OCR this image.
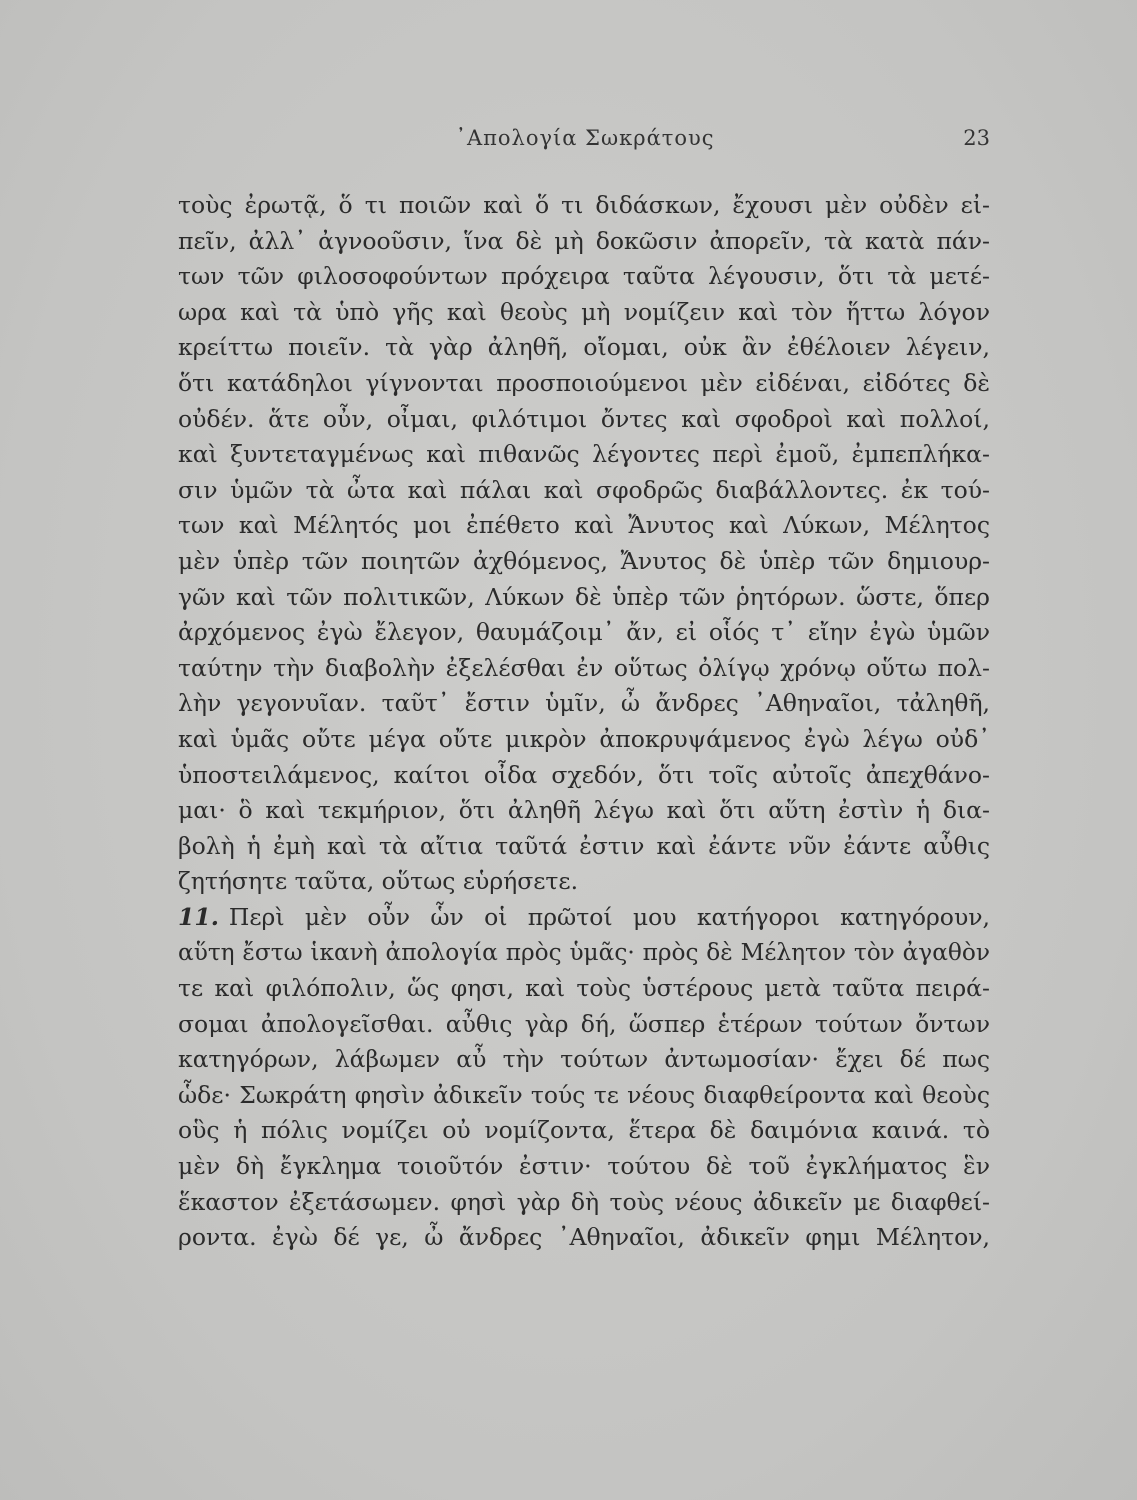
᾿Απολογία Σωκράτους	23
τοὺς ἐρωτᾷ, ὅ τι ποιῶν καὶ ὅ τι διδάσκων, ἔχουσι μὲν οὐδὲν εἰ-
πεῖν, ἀλλ᾽ ἀγνοοῦσιν, ἵνα δὲ μὴ δοκῶσιν ἀπορεῖν, τὰ κατὰ πάν-
των τῶν φιλοσοφούντων πρόχειρα ταῦτα λέγουσιν, ὅτι τὰ μετέ-
ωρα καὶ τὰ ὑπὸ γῆς καὶ θεοὺς μὴ νομίζειν καὶ τὸν ἥττω λόγον
κρείττω ποιεῖν. τὰ γὰρ ἀληθῆ, οἴομαι, οὐκ ἂν ἐθέλοιεν λέγειν,
ὅτι κατάδηλοι γίγνονται προσποιούμενοι μὲν εἰδέναι, εἰδότες δὲ
οὐδέν. ἅτε οὖν, οἶμαι, φιλότιμοι ὄντες καὶ σφοδροὶ καὶ πολλοί,
καὶ ξυντεταγμένως καὶ πιθανῶς λέγοντες περὶ ἐμοῦ, ἐμπεπλήκα-
σιν ὑμῶν τὰ ὦτα καὶ πάλαι καὶ σφοδρῶς διαβάλλοντες. ἐκ τού-
των καὶ Μέλητός μοι ἐπέθετο καὶ Ἄνυτος καὶ Λύκων, Μέλητος
μὲν ὑπὲρ τῶν ποιητῶν ἀχθόμενος, Ἄνυτος δὲ ὑπὲρ τῶν δημιουρ-
γῶν καὶ τῶν πολιτικῶν, Λύκων δὲ ὑπὲρ τῶν ῥητόρων. ὥστε, ὅπερ
ἀρχόμενος ἐγὼ ἔλεγον, θαυμάζοιμ᾽ ἄν, εἰ οἷός τ᾽ εἴην ἐγὼ ὑμῶν
ταύτην τὴν διαβολὴν ἐξελέσθαι ἐν οὕτως ὀλίγῳ χρόνῳ οὕτω πολ-
λὴν γεγονυῖαν. ταῦτ᾽ ἔστιν ὑμῖν, ὦ ἄνδρες ᾿Αθηναῖοι, τἀληθῆ,
καὶ ὑμᾶς οὔτε μέγα οὔτε μικρὸν ἀποκρυψάμενος ἐγὼ λέγω οὐδ᾽
ὑποστειλάμενος, καίτοι οἶδα σχεδόν, ὅτι τοῖς αὐτοῖς ἀπεχθάνο-
μαι· ὃ καὶ τεκμήριον, ὅτι ἀληθῆ λέγω καὶ ὅτι αὕτη ἐστὶν ἡ δια-
βολὴ ἡ ἐμὴ καὶ τὰ αἴτια ταῦτά ἐστιν καὶ ἐάντε νῦν ἐάντε αὖθις
ζητήσητε ταῦτα, οὕτως εὑρήσετε.
11. Περὶ μὲν οὖν ὧν οἱ πρῶτοί μου κατήγοροι κατηγόρουν,
αὕτη ἔστω ἱκανὴ ἀπολογία πρὸς ὑμᾶς· πρὸς δὲ Μέλητον τὸν ἀγαθὸν
τε καὶ φιλόπολιν, ὥς φησι, καὶ τοὺς ὑστέρους μετὰ ταῦτα πειρά-
σομαι ἀπολογεῖσθαι. αὖθις γὰρ δή, ὥσπερ ἑτέρων τούτων ὄντων
κατηγόρων, λάβωμεν αὖ τὴν τούτων ἀντωμοσίαν· ἔχει δέ πως
ὧδε· Σωκράτη φησὶν ἀδικεῖν τούς τε νέους διαφθείροντα καὶ θεοὺς
οὓς ἡ πόλις νομίζει οὐ νομίζοντα, ἕτερα δὲ δαιμόνια καινά. τὸ
μὲν δὴ ἔγκλημα τοιοῦτόν ἐστιν· τούτου δὲ τοῦ ἐγκλήματος ἓν
ἕκαστον ἐξετάσωμεν. φησὶ γὰρ δὴ τοὺς νέους ἀδικεῖν με διαφθεί-
ροντα. ἐγὼ δέ γε, ὦ ἄνδρες ᾿Αθηναῖοι, ἀδικεῖν φημι Μέλητον,
